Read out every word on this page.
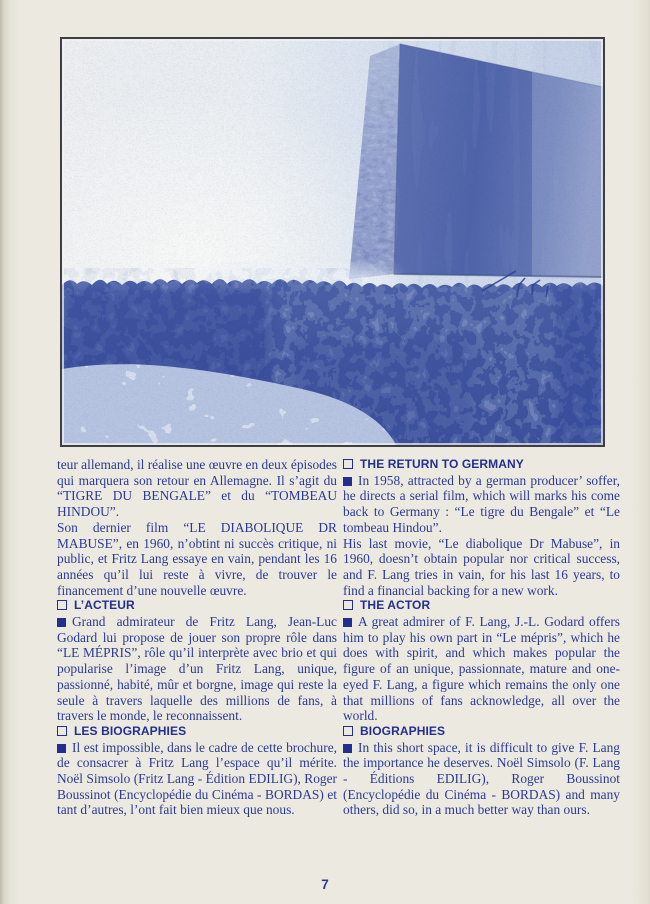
teur allemand, il réalise une œuvre en deux épisodes qui marquera son retour en Allemagne. Il s’agit du “TIGRE DU BENGALE” et du “TOMBEAU HINDOU”.

Son dernier film “LE DIABOLIQUE DR MABUSE”, en 1960, n’obtint ni succès critique, ni public, et Fritz Lang essaye en vain, pendant les 16 années qu’il lui reste à vivre, de trouver le financement d’une nouvelle œuvre.

L’ACTEUR

Grand admirateur de Fritz Lang, Jean-Luc Godard lui propose de jouer son propre rôle dans “LE MÉPRIS”, rôle qu’il interprète avec brio et qui popularise l’image d’un Fritz Lang, unique, passionné, habité, mûr et borgne, image qui reste la seule à travers laquelle des millions de fans, à travers le monde, le reconnaissent.

LES BIOGRAPHIES

Il est impossible, dans le cadre de cette brochure, de consacrer à Fritz Lang l’espace qu’il mérite. Noël Simsolo (Fritz Lang - Édition EDILIG), Roger Boussinot (Encyclopédie du Cinéma - BORDAS) et tant d’autres, l’ont fait bien mieux que nous.

THE RETURN TO GERMANY

In 1958, attracted by a german producer’ soffer, he directs a serial film, which will marks his come back to Germany : “Le tigre du Bengale” et “Le tombeau Hindou”.

His last movie, “Le diabolique Dr Mabuse”, in 1960, doesn’t obtain popular nor critical success, and F. Lang tries in vain, for his last 16 years, to find a financial backing for a new work.

THE ACTOR

A great admirer of F. Lang, J.-L. Godard offers him to play his own part in “Le mépris”, which he does with spirit, and which makes popular the figure of an unique, passionnate, mature and one-eyed F. Lang, a figure which remains the only one that millions of fans acknowledge, all over the world.

BIOGRAPHIES

In this short space, it is difficult to give F. Lang the importance he deserves. Noël Simsolo (F. Lang - Éditions EDILIG), Roger Boussinot (Encyclopédie du Cinéma - BORDAS) and many others, did so, in a much better way than ours.

7
